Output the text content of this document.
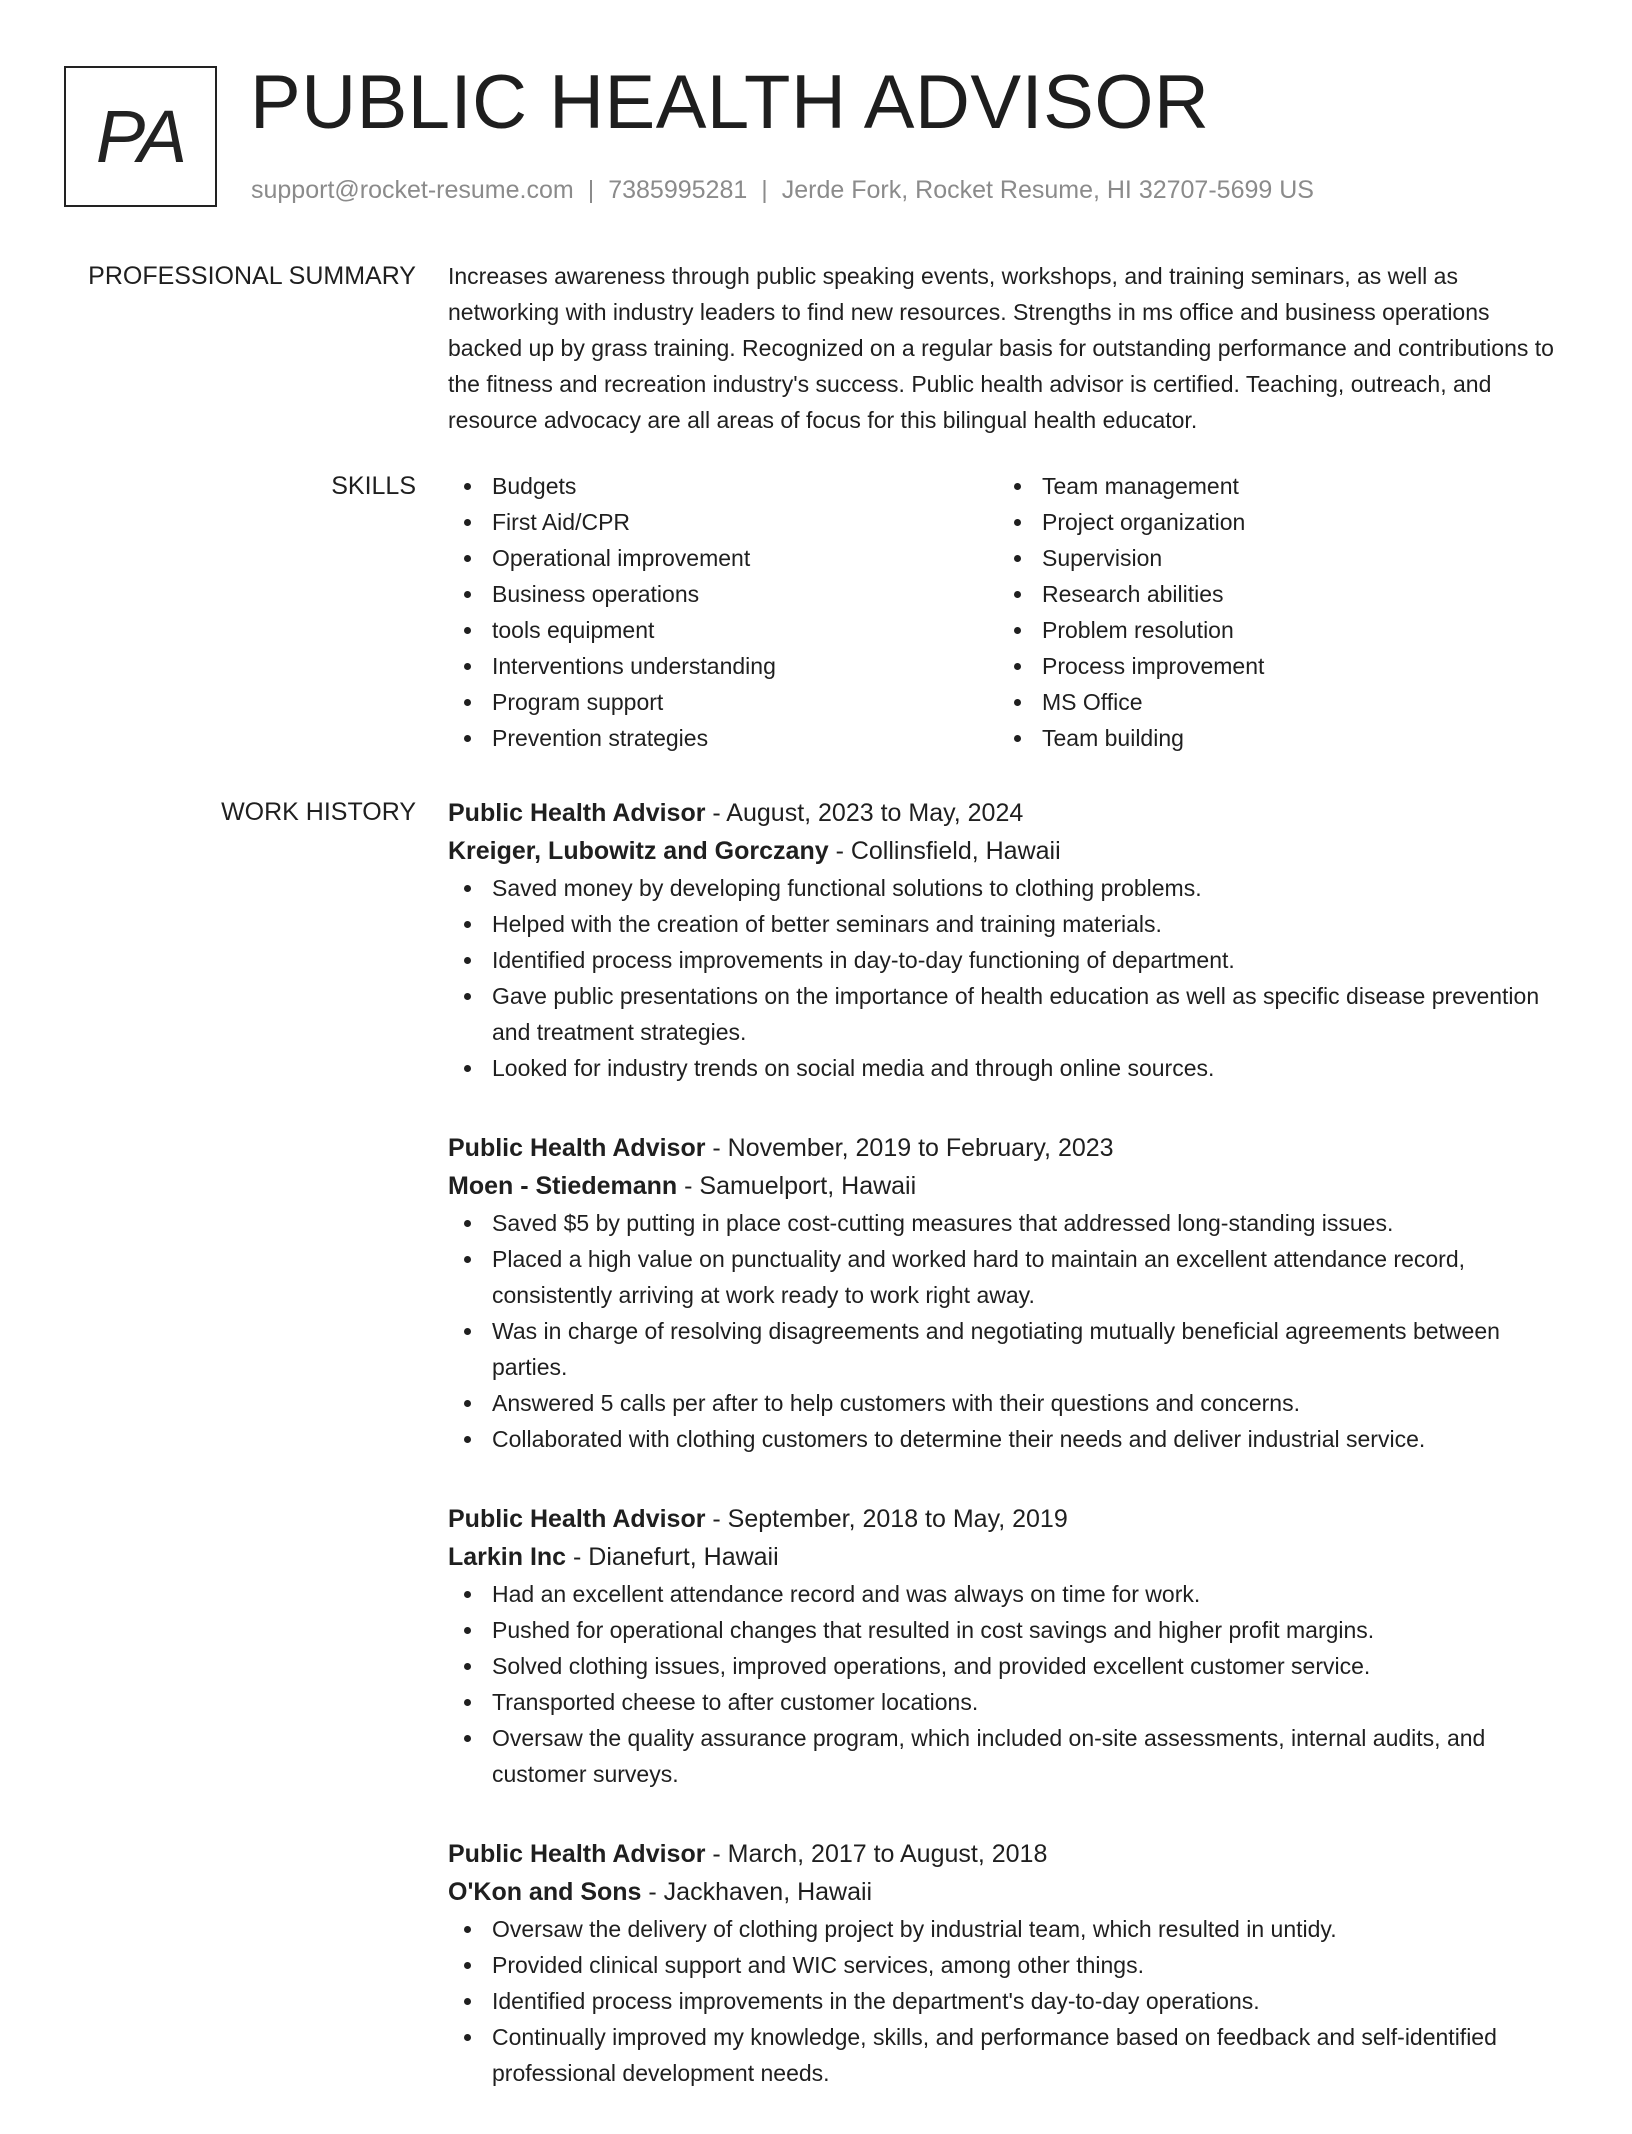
PA PUBLIC HEALTH ADVISOR
support@rocket-resume.com | 7385995281 | Jerde Fork, Rocket Resume, HI 32707-5699 US
PROFESSIONAL SUMMARY Increases awareness through public speaking events, workshops, and training seminars, as well as networking with industry leaders to find new resources. Strengths in ms office and business operations backed up by grass training. Recognized on a regular basis for outstanding performance and contributions to the fitness and recreation industry's success. Public health advisor is certified. Teaching, outreach, and resource advocacy are all areas of focus for this bilingual health educator.
SKILLS	Budgets
First Aid/CPR
Operational improvement
Business operations
tools equipment
Interventions understanding
Program support
Prevention strategies
Team management
Project organization
Supervision
Research abilities
Problem resolution
Process improvement
MS Office
Team building
WORK HISTORY Public Health Advisor - August, 2023 to May, 2024
Kreiger, Lubowitz and Gorczany - Collinsfield, Hawaii
Saved money by developing functional solutions to clothing problems.
Helped with the creation of better seminars and training materials.
Identified process improvements in day-to-day functioning of department.
Gave public presentations on the importance of health education as well as specific disease prevention and treatment strategies.
Looked for industry trends on social media and through online sources.
Public Health Advisor - November, 2019 to February, 2023
Moen - Stiedemann - Samuelport, Hawaii
Saved $5 by putting in place cost-cutting measures that addressed long-standing issues.
Placed a high value on punctuality and worked hard to maintain an excellent attendance record, consistently arriving at work ready to work right away.
Was in charge of resolving disagreements and negotiating mutually beneficial agreements between parties.
Answered 5 calls per after to help customers with their questions and concerns.
Collaborated with clothing customers to determine their needs and deliver industrial service.
Public Health Advisor - September, 2018 to May, 2019
Larkin Inc - Dianefurt, Hawaii
Had an excellent attendance record and was always on time for work.
Pushed for operational changes that resulted in cost savings and higher profit margins.
Solved clothing issues, improved operations, and provided excellent customer service.
Transported cheese to after customer locations.
Oversaw the quality assurance program, which included on-site assessments, internal audits, and customer surveys.
Public Health Advisor - March, 2017 to August, 2018
O'Kon and Sons - Jackhaven, Hawaii
Oversaw the delivery of clothing project by industrial team, which resulted in untidy.
Provided clinical support and WIC services, among other things.
Identified process improvements in the department's day-to-day operations.
Continually improved my knowledge, skills, and performance based on feedback and self-identified professional development needs.
